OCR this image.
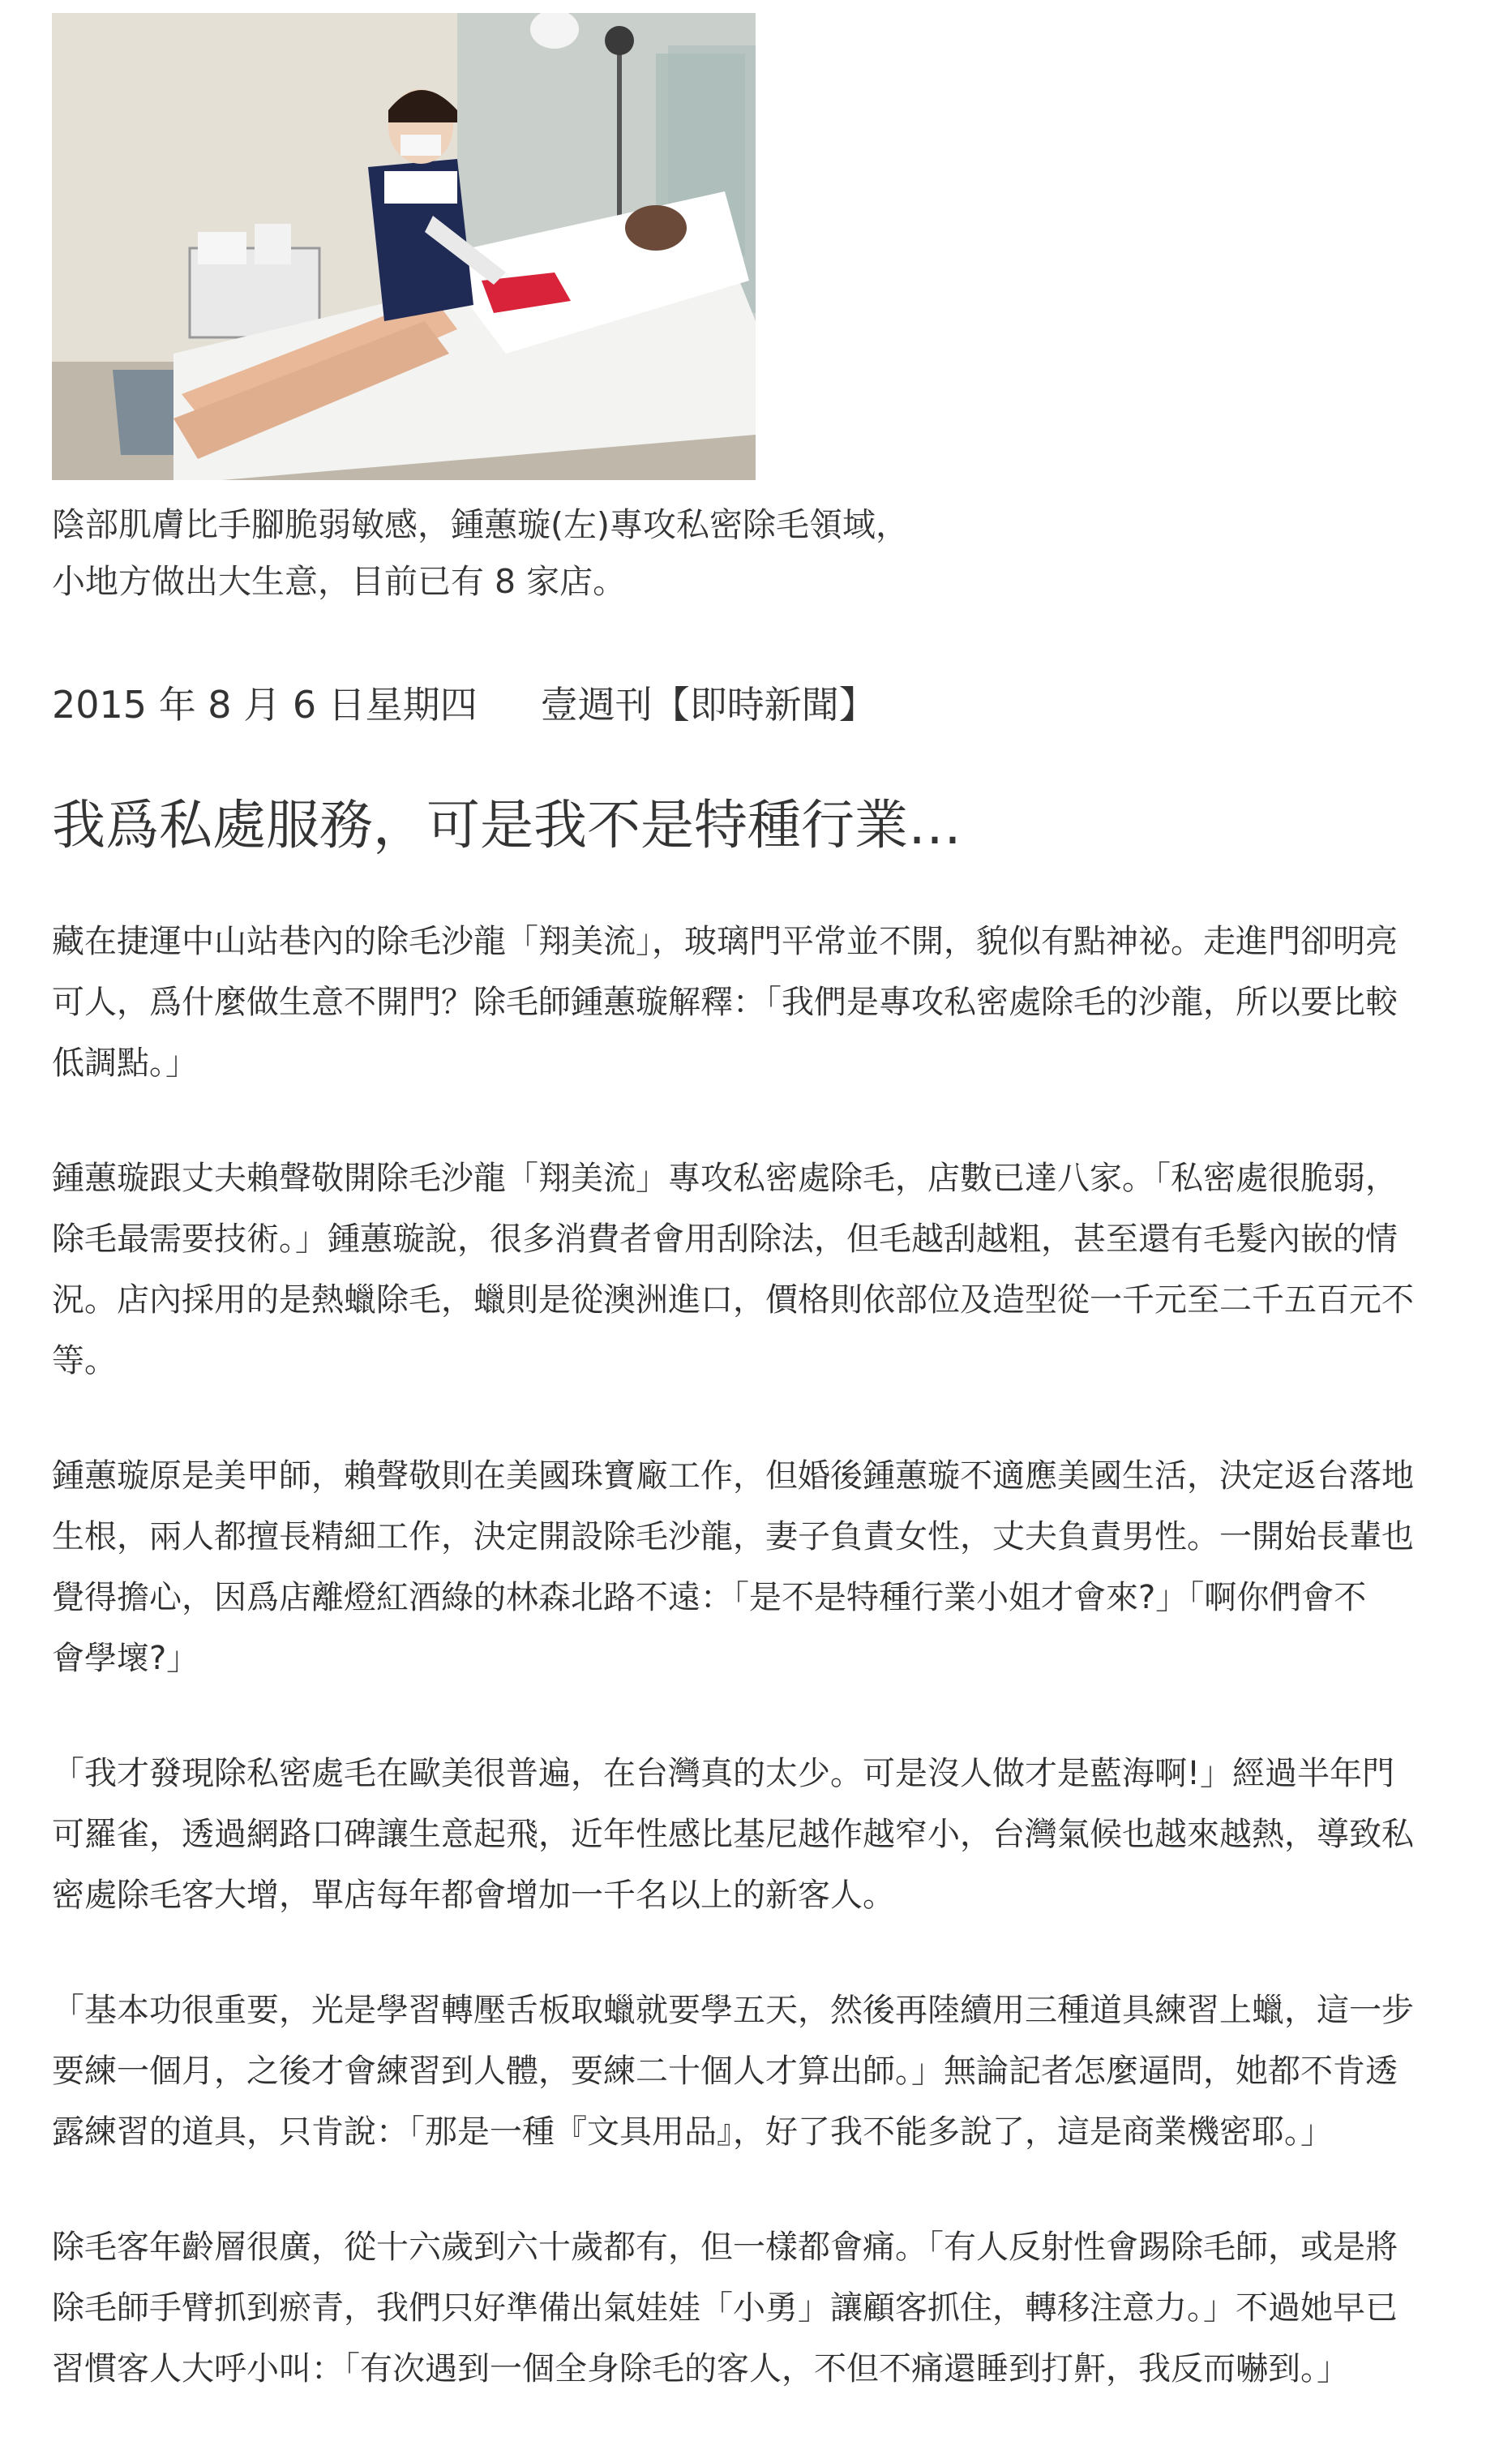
陰部肌膚比手腳脆弱敏感，鍾蕙璇(左)專攻私密除毛領域，
小地方做出大生意，目前已有 8 家店。
2015 年 8 月 6 日星期四 壹週刊【即時新聞】
我爲私處服務，可是我不是特種行業…
藏在捷運中山站巷內的除毛沙龍「翔美流」，玻璃門平常並不開，貌似有點神祕。走進門卻明亮
可人，爲什麼做生意不開門？除毛師鍾蕙璇解釋：「我們是專攻私密處除毛的沙龍，所以要比較
低調點。」
鍾蕙璇跟丈夫賴聲敬開除毛沙龍「翔美流」專攻私密處除毛，店數已達八家。「私密處很脆弱，
除毛最需要技術。」鍾蕙璇說，很多消費者會用刮除法，但毛越刮越粗，甚至還有毛髮內嵌的情
況。店內採用的是熱蠟除毛，蠟則是從澳洲進口，價格則依部位及造型從一千元至二千五百元不
等。
鍾蕙璇原是美甲師，賴聲敬則在美國珠寶廠工作，但婚後鍾蕙璇不適應美國生活，決定返台落地
生根，兩人都擅長精細工作，決定開設除毛沙龍，妻子負責女性，丈夫負責男性。一開始長輩也
覺得擔心，因爲店離燈紅酒綠的林森北路不遠：「是不是特種行業小姐才會來?」「啊你們會不
會學壞?」
「我才發現除私密處毛在歐美很普遍，在台灣真的太少。可是沒人做才是藍海啊!」經過半年門
可羅雀，透過網路口碑讓生意起飛，近年性感比基尼越作越窄小，台灣氣候也越來越熱，導致私
密處除毛客大增，單店每年都會增加一千名以上的新客人。
「基本功很重要，光是學習轉壓舌板取蠟就要學五天，然後再陸續用三種道具練習上蠟，這一步
要練一個月，之後才會練習到人體，要練二十個人才算出師。」無論記者怎麼逼問，她都不肯透
露練習的道具，只肯說：「那是一種『文具用品』，好了我不能多說了，這是商業機密耶。」
除毛客年齡層很廣，從十六歲到六十歲都有，但一樣都會痛。「有人反射性會踢除毛師，或是將
除毛師手臂抓到瘀青，我們只好準備出氣娃娃「小勇」讓顧客抓住，轉移注意力。」不過她早已
習慣客人大呼小叫：「有次遇到一個全身除毛的客人，不但不痛還睡到打鼾，我反而嚇到。」
